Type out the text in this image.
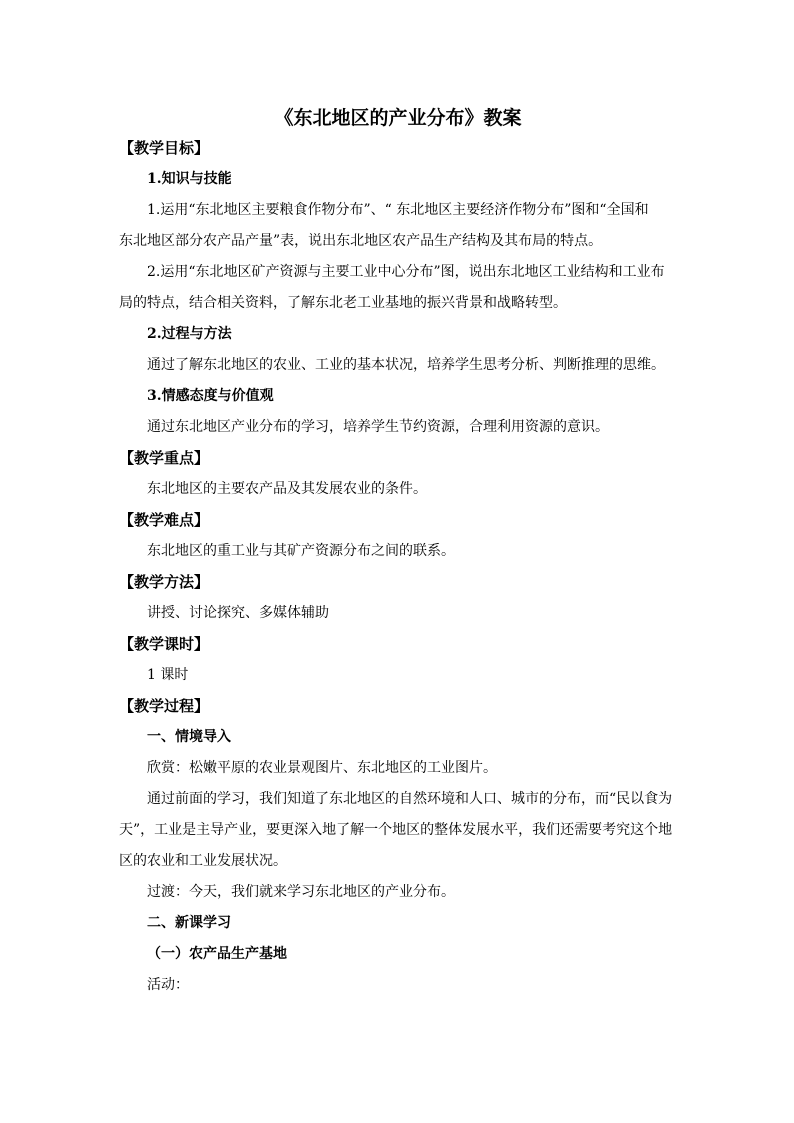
《东北地区的产业分布》教案
【教学目标】
1.知识与技能
1.运用“东北地区主要粮食作物分布”、“ 东北地区主要经济作物分布”图和“全国和
东北地区部分农产品产量”表，说出东北地区农产品生产结构及其布局的特点。
2.运用“东北地区矿产资源与主要工业中心分布”图，说出东北地区工业结构和工业布
局的特点，结合相关资料，了解东北老工业基地的振兴背景和战略转型。
2.过程与方法
通过了解东北地区的农业、工业的基本状况，培养学生思考分析、判断推理的思维。
3.情感态度与价值观
通过东北地区产业分布的学习，培养学生节约资源，合理利用资源的意识。
【教学重点】
东北地区的主要农产品及其发展农业的条件。
【教学难点】
东北地区的重工业与其矿产资源分布之间的联系。
【教学方法】
讲授、讨论探究、多媒体辅助
【教学课时】
1 课时
【教学过程】
一、情境导入
欣赏：松嫩平原的农业景观图片、东北地区的工业图片。
通过前面的学习，我们知道了东北地区的自然环境和人口、城市的分布，而“民以食为
天”，工业是主导产业，要更深入地了解一个地区的整体发展水平，我们还需要考究这个地
区的农业和工业发展状况。
过渡：今天，我们就来学习东北地区的产业分布。
二、新课学习
（一）农产品生产基地
活动：
